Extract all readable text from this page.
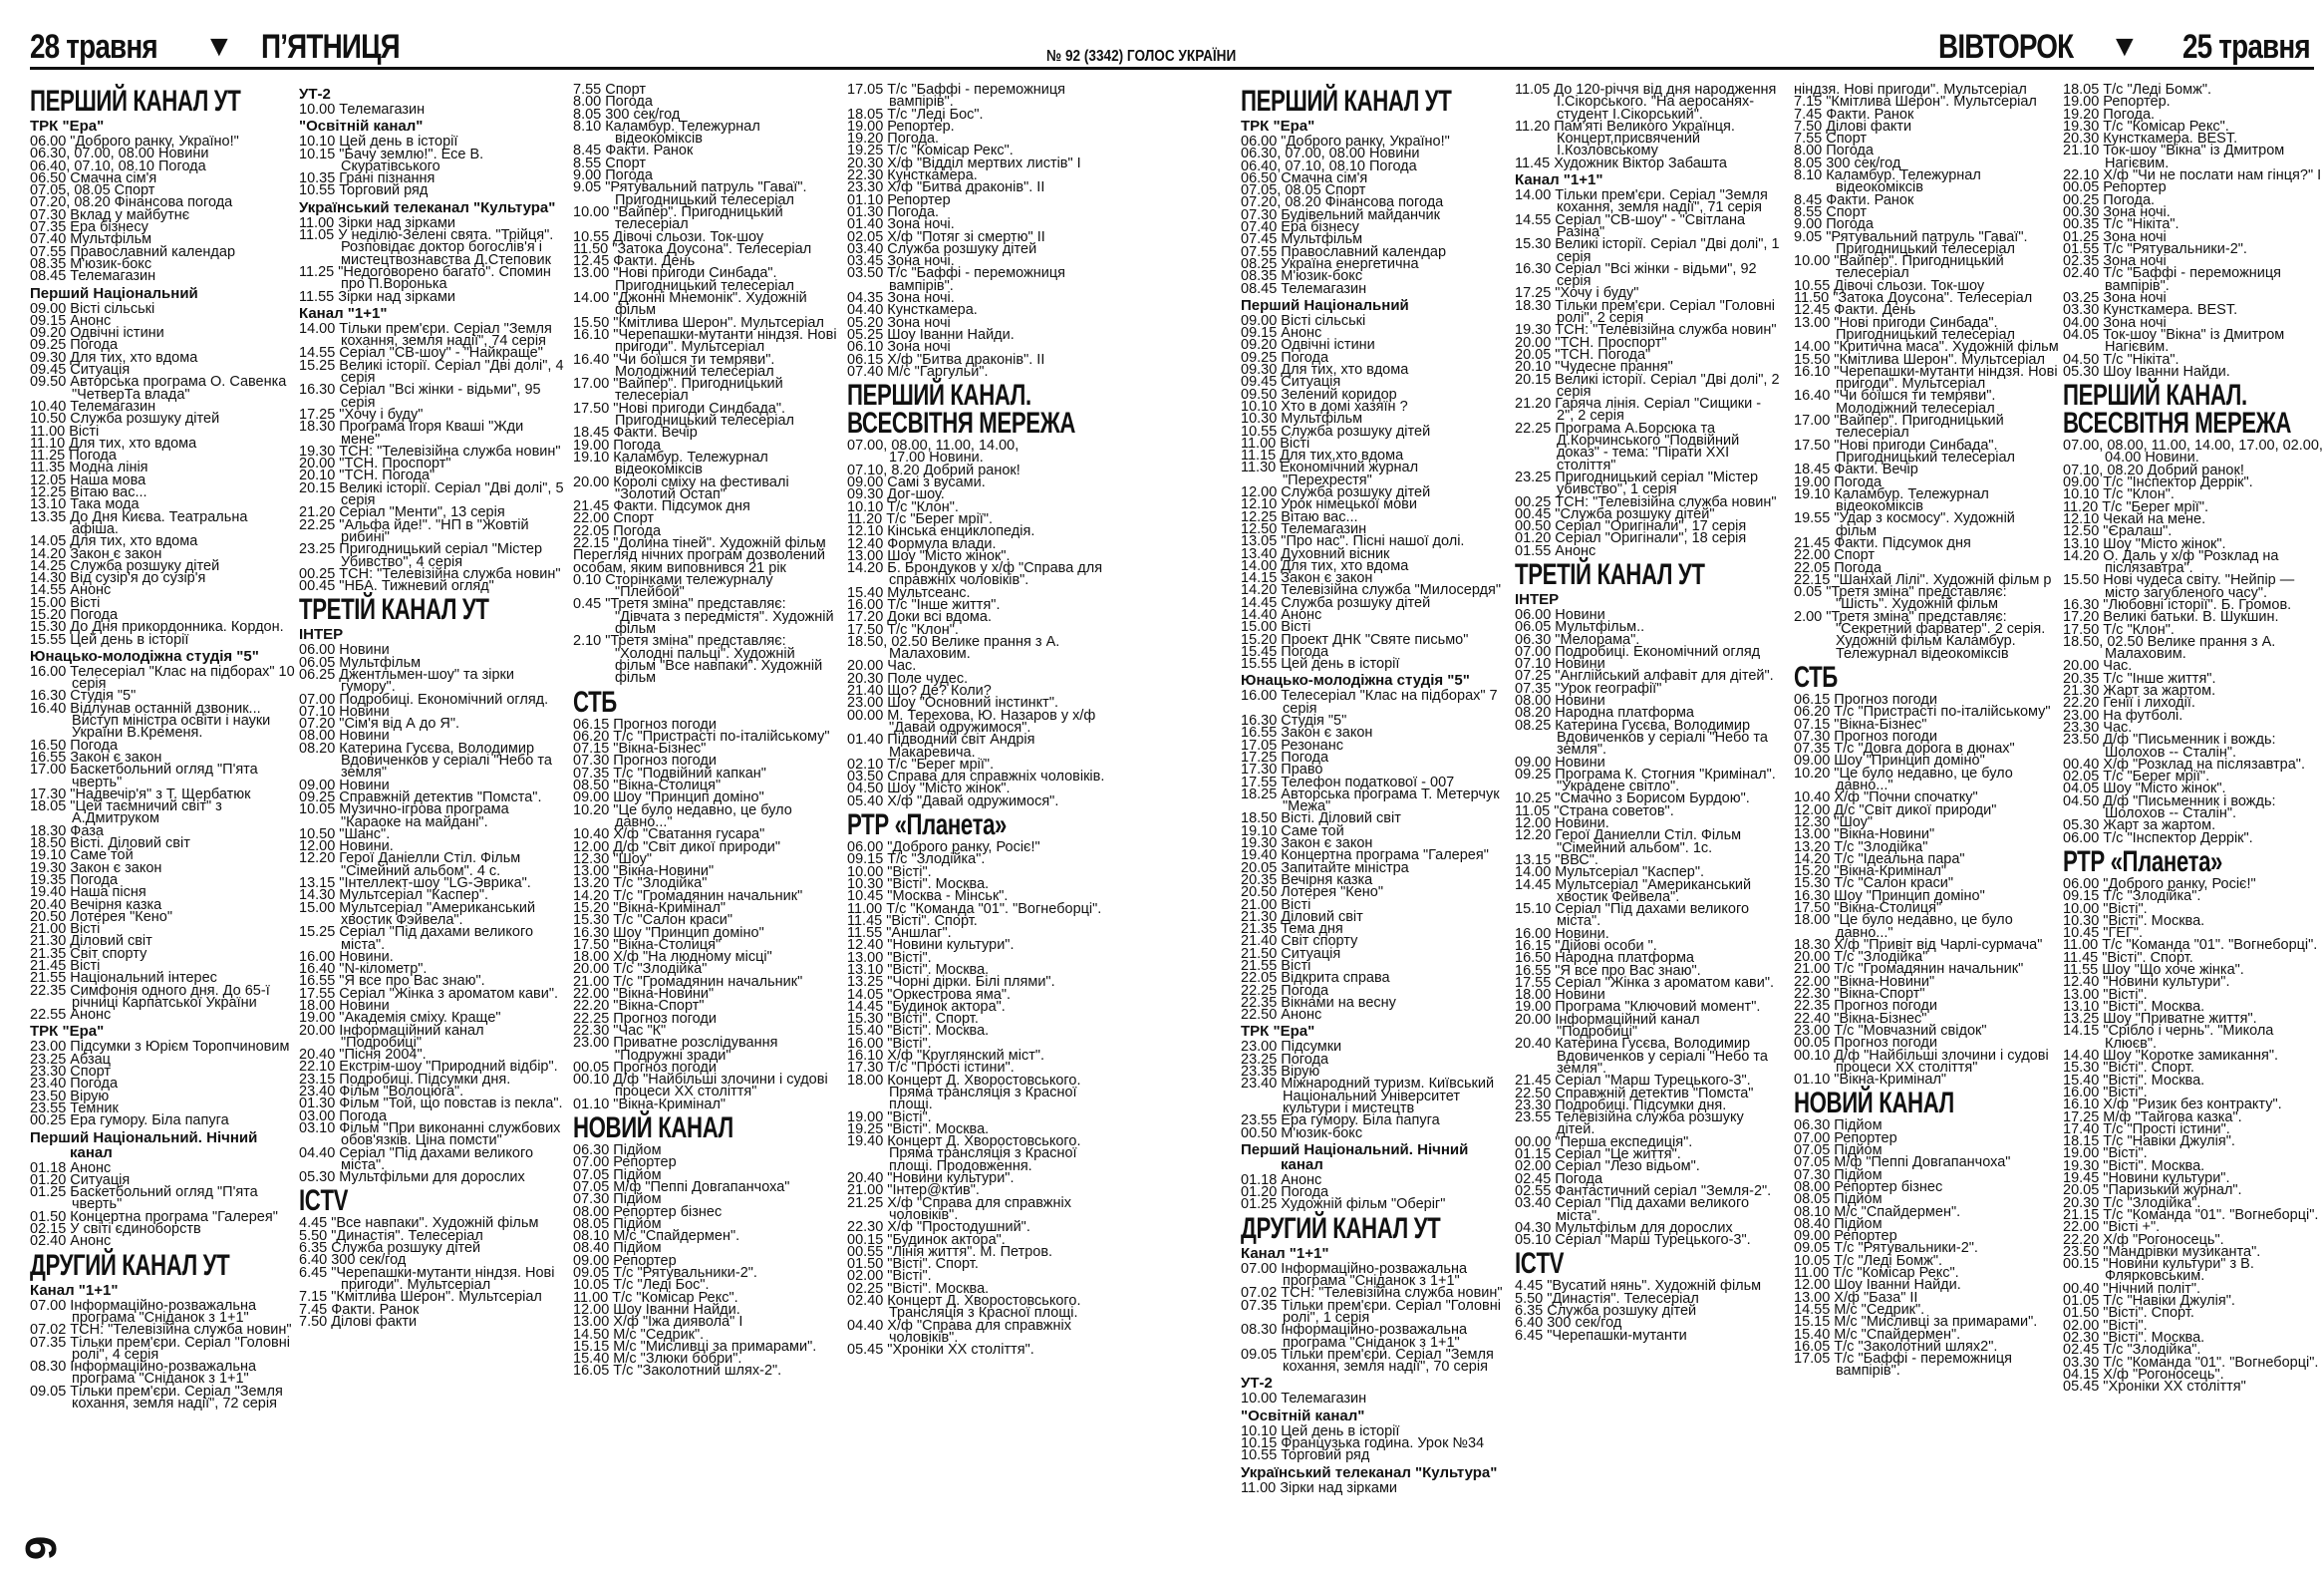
28 травня ▼ П’ЯТНИЦЯ	№ 92 (3342) ГОЛОС УКРАЇНИ	ВІВТОРОК ▼ 25 травня
ПЕРШИЙ КАНАЛ УТ
ТРК "Ера"
06.00 "Доброго ранку, Україно!"
06.30, 07.00, 08.00 Новини
06.40, 07.10, 08.10 Погода
06.50 Смачна сім'я
07.05, 08.05 Спорт
07.20, 08.20 Фінансова погода
07.30 Вклад у майбутнє
07.35 Ера бізнесу
07.40 Мультфільм
07.55 Православний календар
08.35 М'юзик-бокс
08.45 Телемагазин
Перший Національний
09.00 Вісті сільські
09.15 Анонс
09.20 Одвічні істини
09.25 Погода
09.30 Для тих, хто вдома
09.45 Ситуація
09.50 Авторська програма О. Савенка "ЧетверТа влада"
10.40 Телемагазин
10.50 Служба розшуку дітей
11.00 Вісті
11.10 Для тих, хто вдома
11.25 Погода
11.35 Модна лінія
12.05 Наша мова
12.25 Вітаю вас...
13.10 Така мода
13.35 До Дня Києва. Театральна афіша.
14.05 Для тих, хто вдома
14.20 Закон є закон
14.25 Служба розшуку дітей
14.30 Від сузір'я до сузір'я
14.55 Анонс
15.00 Вісті
15.20 Погода
15.30 До Дня прикордонника. Кордон.
15.55 Цей день в історії
Юнацько-молодіжна студія "5"
16.00 Телесеріал "Клас на підборах" 10 серія
16.30 Студія "5"
16.40 Відлунав останній дзвоник... Виступ міністра освіти і науки України В.Кременя.
16.50 Погода
16.55 Закон є закон
17.00 Баскетбольний огляд "П'ята чверть"
17.30 "Надвечір'я" з Т. Щербатюк
18.05 "Цей таємничий світ" з А.Дмитруком
18.30 Фаза
18.50 Вісті. Діловий світ
19.10 Саме той
19.30 Закон є закон
19.35 Погода
19.40 Наша пісня
20.40 Вечірня казка
20.50 Лотерея "Кено"
21.00 Вісті
21.30 Діловий світ
21.35 Світ спорту
21.45 Вісті
21.55 Національний інтерес
22.35 Симфонія одного дня. До 65-ї річниці Карпатської України
22.55 Анонс
ТРК "Ера"
23.00 Підсумки з Юрієм Торопчиновим
23.25 Абзац
23.30 Спорт
23.40 Погода
23.50 Вірую
23.55 Темник
00.25 Ера гумору. Біла папуга
Перший Національний. Нічний канал
01.18 Анонс
01.20 Ситуація
01.25 Баскетбольний огляд "П'ята чверть"
01.50 Концертна програма "Галерея"
02.15 У світі єдиноборств
02.40 Анонс
ДРУГИЙ КАНАЛ УТ
Канал "1+1"
07.00 Інформаційно-розважальна програма "Сніданок з 1+1"
07.02 ТСН: "Телевізійна служба новин"
07.35 Тільки прем'єри. Серіал "Головні ролі", 4 серія
08.30 Інформаційно-розважальна програма "Сніданок з 1+1"
09.05 Тільки прем'єри. Серіал "Земля кохання, земля надії", 72 серія
УТ-2
10.00 Телемагазин
"Освітній канал"
10.10 Цей день в історії
10.15 "Бачу землю!". Есе В. Скуратівського
10.35 Грані пізнання
10.55 Торговий ряд
Український телеканал "Культура"
11.00 Зірки над зірками
11.05 У неділю-Зелені свята. "Трійця". Розповідає доктор богослів'я і мистецтвознавства Д.Степовик
11.25 "Недоговорено багато". Спомин про П.Воронька
11.55 Зірки над зірками
Канал "1+1"
14.00 Тільки прем'єри. Серіал "Земля кохання, земля надії", 74 серія
14.55 Серіал "СВ-шоу" - "Найкраще"
15.25 Великі історії. Серіал "Дві долі", 4 серія
16.30 Серіал "Всі жінки - відьми", 95 серія
17.25 "Хочу і буду"
18.30 Програма Ігоря Кваші "Жди мене"
19.30 ТСН: "Телевізійна служба новин"
20.00 "ТСН. Проспорт"
20.10 "ТСН. Погода"
20.15 Великі історії. Серіал "Дві долі", 5 серія
21.20 Серіал "Менти", 13 серія
22.25 "Альфа йде!". "НП в "Жовтій рибині"
23.25 Пригодницький серіал "Містер Убивство", 4 серія
00.25 ТСН: "Телевізійна служба новин"
00.45 "НБА. Тижневий огляд"
ТРЕТІЙ КАНАЛ УТ
ІНТЕР
06.00 Новини
06.05 Мультфільм
06.25 Джентльмен-шоу" та зірки гумору".
07.00 Подробиці. Економічний огляд.
07.10 Новини
07.20 "Сім'я від А до Я".
08.00 Новини
08.20 Катерина Гусєва, Володимир Вдовиченков у серіалі "Небо та земля"
09.00 Новини
09.25 Справжній детектив "Помста".
10.05 Музично-ігрова програма "Караоке на майдані".
10.50 "Шанс".
12.00 Новини.
12.20 Герої Даніелли Стіл. Фільм "Сімейний альбом". 4 с.
13.15 "Інтеллект-шоу "LG-Эврика".
14.30 Мультсеріал "Каспер".
15.00 Мультсеріал "Американський хвостик Фэйвела".
15.25 Серіал "Під дахами великого міста".
16.00 Новини.
16.40 "N-кілометр".
16.55 "Я все про Вас знаю".
17.55 Серіал "Жінка з ароматом кави".
18.00 Новини
19.00 "Академія сміху. Краще"
20.00 Інформаційний канал "Подробиці"
20.40 "Пісня 2004".
22.10 Екстрім-шоу "Природний відбір".
23.15 Подробиці. Підсумки дня.
23.40 Фільм "Волоцюга".
01.30 Фільм "Той, що повстав із пекла".
03.00 Погода
03.10 Фільм "При виконанні службових обов'язків. Ціна помсти"
04.40 Серіал "Під дахами великого міста".
05.30 Мультфільми для дорослих
ICTV
4.45 "Все навпаки". Художній фільм
5.50 "Династія". Телесеріал
6.35 Служба розшуку дітей
6.40 300 сек/год
6.45 "Черепашки-мутанти ніндзя. Нові пригоди". Мультсеріал
7.15 "Кмітлива Шерон". Мультсеріал
7.45 Факти. Ранок
7.50 Ділові факти
7.55 Спорт
8.00 Погода
8.05 300 сек/год
8.10 Каламбур. Тележурнал відеокоміксів
8.45 Факти. Ранок
8.55 Спорт
9.00 Погода
9.05 "Рятувальний патруль "Гаваї". Пригодницький телесеріал
10.00 "Вайпер". Пригодницький телесеріал
10.55 Дівочі сльози. Ток-шоу
11.50 "Затока Доусона". Телесеріал
12.45 Факти. День
13.00 "Нові пригоди Синбада". Пригодницький телесеріал
14.00 "Джонні Мнемонік". Художній фільм
15.50 "Кмітлива Шерон". Мультсеріал
16.10 "Черепашки-мутанти ніндзя. Нові пригоди". Мультсеріал
16.40 "Чи боїшся ти темряви". Молодіжний телесеріал
17.00 "Вайпер". Пригодницький телесеріал
17.50 "Нові пригоди Синдбада". Пригодницький телесеріал
18.45 Факти. Вечір
19.00 Погода
19.10 Каламбур. Тележурнал відеокоміксів
20.00 Королі сміху на фестивалі "Золотий Остап"
21.45 Факти. Підсумок дня
22.00 Спорт
22.05 Погода
22.15 "Долина тіней". Художній фільм
Перегляд нічних програм дозволений особам, яким виповнився 21 рік
0.10 Сторінками тележурналу "Плейбой"
0.45 "Третя зміна" представляє: "Дівчата з передмістя". Художній фільм
2.10 "Третя зміна" представляє: "Холодні пальці". Художній фільм "Все навпаки". Художній фільм
СТБ
06.15 Прогноз погоди
06.20 Т/с "Пристрасті по-італійському"
07.15 "Вікна-Бізнес"
07.30 Прогноз погоди
07.35 Т/с "Подвійний капкан"
08.50 "Вікна-Столиця"
09.00 Шоу "Принцип доміно"
10.20 "Це було недавно, це було давно..."
10.40 Х/ф "Сватання гусара"
12.00 Д/ф "Світ дикої природи"
12.30 "Шоу"
13.00 "Вікна-Новини"
13.20 Т/с "Злодійка"
14.20 Т/с "Громадянин начальник"
15.20 "Вікна-Кримінал"
15.30 Т/с "Салон краси"
16.30 Шоу "Принцип доміно"
17.50 "Вікна-Столиця"
18.00 Х/ф "На людному місці"
20.00 Т/с "Злодійка"
21.00 Т/с "Громадянин начальник"
22.00 "Вікна-Новини"
22.20 "Вікна-Спорт"
22.25 Прогноз погоди
22.30 "Час "К"
23.00 Приватне розслідування "Подружні зради"
00.05 Прогноз погоди
00.10 Д/ф "Найбільші злочини і судові процеси XX століття"
01.10 "Вікна-Кримінал"
НОВИЙ КАНАЛ
06.30 Підйом
07.00 Репортер
07.05 Підйом
07.05 М/ф "Пеппі Довгапанчоха"
07.30 Підйом
08.00 Репортер бізнес
08.05 Підйом
08.10 М/с "Спайдермен".
08.40 Підйом
09.00 Репортер
09.05 Т/с "Рятувальники-2".
10.05 Т/с "Леді Бос".
11.00 Т/с "Комісар Рекс".
12.00 Шоу Іванни Найди.
13.00 Х/ф "Іжа диявола" І
14.50 М/с "Седрик".
15.15 М/с "Мисливці за примарами".
15.40 М/с "Злюки бобри".
16.05 Т/с "Заколотний шлях-2".
17.05 Т/с "Баффі - переможниця вампірів".
18.05 Т/с "Леді Бос".
19.00 Репортер.
19.20 Погода.
19.25 Т/с "Комісар Рекс".
20.30 Х/ф "Відділ мертвих листів" І
22.30 Кунсткамера.
23.30 Х/ф "Битва драконів". ІІ
01.10 Репортер
01.30 Погода.
01.40 Зона ночі.
02.05 Х/ф "Потяг зі смертю" ІІ
03.40 Служба розшуку дітей
03.45 Зона ночі.
03.50 Т/с "Баффі - переможниця вампірів".
04.35 Зона ночі.
04.40 Кунсткамера.
05.20 Зона ночі
05.25 Шоу Іванни Найди.
06.10 Зона ночі
06.15 Х/ф "Битва драконів". ІІ
07.40 М/с "Гаргульи".
ПЕРШИЙ КАНАЛ. ВСЕСВІТНЯ МЕРЕЖА
07.00, 08.00, 11.00, 14.00, 17.00 Новини.
07.10, 8.20 Добрий ранок!
09.00 Самі з вусами.
09.30 Дог-шоу.
10.10 Т/с "Клон".
11.20 Т/с "Берег мрії".
12.10 Кінська енциклопедія.
12.40 Формула влади.
13.00 Шоу "Місто жінок".
14.20 Б. Брондуков у х/ф "Справа для справжніх чоловіків".
15.40 Мультсеанс.
16.00 Т/с "Інше життя".
17.20 Доки всі вдома.
17.50 Т/с "Клон".
18.50, 02.50 Велике прання з А. Малаховим.
20.00 Час.
20.30 Поле чудес.
21.40 Що? Де? Коли?
23.00 Шоу "Основний інстинкт".
00.00 М. Терехова, Ю. Назаров у х/ф "Давай одружимося".
01.40 Підводний світ Андрія Макаревича.
02.10 Т/с "Берег мрії".
03.50 Справа для справжніх чоловіків.
04.50 Шоу "Місто жінок".
05.40 Х/ф "Давай одружимося".
РТР «Планета»
06.00 "Доброго ранку, Росіє!"
09.15 Т/с "Злодійка".
10.00 "Вісті".
10.30 "Вісті". Москва.
10.45 "Москва - Мінськ".
11.00 Т/с "Команда "01". "Вогнеборці".
11.45 "Вісті". Спорт.
11.55 "Аншлаг".
12.40 "Новини культури".
13.00 "Вісті".
13.10 "Вісті". Москва.
13.25 "Чорні дірки. Білі плями".
14.05 "Оркестрова яма".
14.45 "Будинок актора".
15.30 "Вісті". Спорт.
15.40 "Вісті". Москва.
16.00 "Вісті".
16.10 Х/ф "Круглянский міст".
17.30 Т/с "Прості істини".
18.00 Концерт Д. Хворостовського. Пряма трансляція з Красної площі.
19.00 "Вісті".
19.25 "Вісті". Москва.
19.40 Концерт Д. Хворостовського. Пряма трансляція з Красної площі. Продовження.
20.40 "Новини культури".
21.00 "Інтер@ктив".
21.25 Х/ф "Справа для справжніх чоловіків".
22.30 Х/ф "Простодушний".
00.15 "Будинок актора".
00.55 "Лінія життя". М. Петров.
01.50 "Вісті". Спорт.
02.00 "Вісті".
02.25 "Вісті". Москва.
02.40 Концерт Д. Хворостовського. Трансляція з Красної площі.
04.40 Х/ф "Справа для справжніх чоловіків".
05.45 "Хроніки XX століття".
ПЕРШИЙ КАНАЛ УТ
ТРК "Ера"
06.00 "Доброго ранку, Україно!"
06.30, 07.00, 08.00 Новини
06.40, 07.10, 08.10 Погода
06.50 Смачна сім'я
07.05, 08.05 Спорт
07.20, 08.20 Фінансова погода
07.30 Будівельний майданчик
07.40 Ера бізнесу
07.45 Мультфільм
07.55 Православний календар
08.25 Україна енергетична
08.35 М'юзик-бокс
08.45 Телемагазин
Перший Національний
09.00 Вісті сільські
09.15 Анонс
09.20 Одвічні істини
09.25 Погода
09.30 Для тих, хто вдома
09.45 Ситуація
09.50 Зелений коридор
10.10 Хто в домі хазяїн ?
10.30 Мультфільм
10.55 Служба розшуку дітей
11.00 Вісті
11.15 Для тих,хто вдома
11.30 Економічний журнал "Перехрестя"
12.00 Служба розшуку дітей
12.10 Урок німецької мови
12.25 Вітаю вас...
12.50 Телемагазин
13.05 "Про нас". Пісні нашої долі.
13.40 Духовний вісник
14.00 Для тих, хто вдома
14.15 Закон є закон
14.20 Телевізійна служба "Милосердя"
14.45 Служба розшуку дітей
14.40 Анонс
15.00 Вісті
15.20 Проект ДНК "Святе письмо"
15.45 Погода
15.55 Цей день в історії
Юнацько-молодіжна студія "5"
16.00 Телесеріал "Клас на підборах" 7 серія
16.30 Студія "5"
16.55 Закон є закон
17.05 Резонанс
17.25 Погода
17.30 Право
17.55 Телефон податкової - 007
18.25 Авторська програма Т. Метерчук "Межа"
18.50 Вісті. Діловий світ
19.10 Саме той
19.30 Закон є закон
19.40 Концертна програма "Галерея"
20.05 Запитайте міністра
20.35 Вечірня казка
20.50 Лотерея "Кено"
21.00 Вісті
21.30 Діловий світ
21.35 Тема дня
21.40 Світ спорту
21.50 Ситуація
21.55 Вісті
22.05 Відкрита справа
22.25 Погода
22.35 Вікнами на весну
22.50 Анонс
ТРК "Ера"
23.00 Підсумки
23.25 Погода
23.35 Вірую
23.40 Міжнародний туризм. Київський Національний Університет культури і мистецтв
23.55 Ера гумору. Біла папуга
00.50 М'юзик-бокс
Перший Національний. Нічний канал
01.18 Анонс
01.20 Погода
01.25 Художній фільм "Оберіг"
ДРУГИЙ КАНАЛ УТ
Канал "1+1"
07.00 Інформаційно-розважальна програма "Сніданок з 1+1"
07.02 ТСН: "Телевізійна служба новин"
07.35 Тільки прем'єри. Серіал "Головні ролі", 1 серія
08.30 Інформаційно-розважальна програма "Сніданок з 1+1"
09.05 Тільки прем'єри. Серіал "Земля кохання, земля надії", 70 серія
УТ-2
10.00 Телемагазин
"Освітній канал"
10.10 Цей день в історії
10.15 Французька година. Урок №34
10.55 Торговий ряд
Український телеканал "Культура"
11.00 Зірки над зірками
11.05 До 120-річчя від дня народження І.Сікорського. "На аеросанях-студент І.Сікорський".
11.20 Пам'яті Великого Українця. Концерт,присвячений І.Козловському
11.45 Художник Віктор Забашта
Канал "1+1"
14.00 Тільки прем'єри. Серіал "Земля кохання, земля надії", 71 серія
14.55 Серіал "СВ-шоу" - "Світлана Разіна"
15.30 Великі історії. Серіал "Дві долі", 1 серія
16.30 Серіал "Всі жінки - відьми", 92 серія
17.25 "Хочу і буду"
18.30 Тільки прем'єри. Серіал "Головні ролі", 2 серія
19.30 ТСН: "Телевізійна служба новин"
20.00 "ТСН. Проспорт"
20.05 "ТСН. Погода"
20.10 "Чудесне прання"
20.15 Великі історії. Серіал "Дві долі", 2 серія
21.20 Гаряча лінія. Серіал "Сищики - 2", 2 серія
22.25 Програма А.Борсюка та Д.Корчинського "Подвійний доказ" - тема: "Пірати XXI століття"
23.25 Пригодницький серіал "Містер убивство", 1 серія
00.25 ТСН: "Телевізійна служба новин"
00.45 "Служба розшуку дітей"
00.50 Серіал "Оригінали", 17 серія
01.20 Серіал "Оригінали", 18 серія
01.55 Анонс
ТРЕТІЙ КАНАЛ УТ
ІНТЕР
06.00 Новини
06.05 Мультфільм..
06.30 "Мелорама".
07.00 Подробиці. Економічний огляд
07.10 Новини
07.25 "Англійський алфавіт для дітей".
07.35 "Урок географії"
08.00 Новини
08.20 Народна платформа
08.25 Катерина Гусєва, Володимир Вдовиченков у серіалі "Небо та земля".
09.00 Новини
09.25 Програма К. Стогния "Кримінал". "Украдене світло".
10.25 "Смачно з Борисом Бурдою".
11.05 "Страна советов".
12.00 Новини.
12.20 Герої Даниелли Стіл. Фільм "Сімейний альбом". 1с.
13.15 "ВВС".
14.00 Мультсеріал "Каспер".
14.45 Мультсеріал "Американський хвостик Фейвела".
15.10 Серіал "Під дахами великого міста".
16.00 Новини.
16.15 "Дійові особи ".
16.50 Народна платформа
16.55 "Я все про Вас знаю".
17.55 Серіал "Жінка з ароматом кави".
18.00 Новини
19.00 Програма "Ключовий момент".
20.00 Інформаційний канал "Подробиці"
20.40 Катерина Гусєва, Володимир Вдовиченков у серіалі "Небо та земля".
21.45 Серіал "Марш Турецького-3".
22.50 Справжній детектив "Помста"
23.30 Подробиці. Підсумки дня.
23.55 Телевізійна служба розшуку дітей.
00.00 "Перша експедиція".
01.15 Серіал "Це життя".
02.00 Серіал "Лезо відьом".
02.45 Погода
02.55 Фантастичний серіал "Земля-2".
03.40 Серіал "Під дахами великого міста".
04.30 Мультфільм для дорослих
05.10 Серіал "Марш Турецького-3".
ICTV
4.45 "Вусатий нянь". Художній фільм
5.50 "Династія". Телесеріал
6.35 Служба розшуку дітей
6.40 300 сек/год
6.45 "Черепашки-мутанти
ніндзя. Нові пригоди". Мультсеріал
7.15 "Кмітлива Шерон". Мультсеріал
7.45 Факти. Ранок
7.50 Ділові факти
7.55 Спорт
8.00 Погода
8.05 300 сек/год
8.10 Каламбур. Тележурнал відеокоміксів
8.45 Факти. Ранок
8.55 Спорт
9.00 Погода
9.05 "Рятувальний патруль "Гаваї". Пригодницький телесеріал
10.00 "Вайпер". Пригодницький телесеріал
10.55 Дівочі сльози. Ток-шоу
11.50 "Затока Доусона". Телесеріал
12.45 Факти. День
13.00 "Нові пригоди Синбада". Пригодницький телесеріал
14.00 "Критична маса". Художній фільм
15.50 "Кмітлива Шерон". Мультсеріал
16.10 "Черепашки-мутанти ніндзя. Нові пригоди". Мультсеріал
16.40 "Чи боїшся ти темряви". Молодіжний телесеріал
17.00 "Вайпер". Пригодницький телесеріал
17.50 "Нові пригоди Синбада". Пригодницький телесеріал
18.45 Факти. Вечір
19.00 Погода
19.10 Каламбур. Тележурнал відеокоміксів
19.55 "Удар з космосу". Художній фільм
21.45 Факти. Підсумок дня
22.00 Спорт
22.05 Погода
22.15 "Шанхай Лілі". Художній фільм р
0.05 "Третя зміна" представляє: "Шість". Художній фільм
2.00 "Третя зміна" представляє: "Секретний фарватер". 2 серія. Художній фільм Каламбур. Тележурнал відеокоміксів
СТБ
06.15 Прогноз погоди
06.20 Т/с "Пристрасті по-італійському"
07.15 "Вікна-Бізнес"
07.30 Прогноз погоди
07.35 Т/с "Довга дорога в дюнах"
09.00 Шоу "Принцип доміно"
10.20 "Це було недавно, це було давно..."
10.40 Х/ф "Почни спочатку"
12.00 Д/с "Світ дикої природи"
12.30 "Шоу"
13.00 "Вікна-Новини"
13.20 Т/с "Злодійка"
14.20 Т/с "Ідеальна пара"
15.20 "Вікна-Кримінал"
15.30 Т/с "Салон краси"
16.30 Шоу "Принцип доміно"
17.50 "Вікна-Столиця"
18.00 "Це було недавно, це було давно..."
18.30 Х/ф "Привіт від Чарлі-сурмача"
20.00 Т/с "Злодійка"
21.00 Т/с "Громадянин начальник"
22.00 "Вікна-Новини"
22.30 "Вікна-Спорт"
22.35 Прогноз погоди
22.40 "Вікна-Бізнес"
23.00 Т/с "Мовчазний свідок"
00.05 Прогноз погоди
00.10 Д/ф "Найбільші злочини і судові процеси XX століття"
01.10 "Вікна-Кримінал"
НОВИЙ КАНАЛ
06.30 Підйом
07.00 Репортер
07.05 Підйом
07.05 М/ф "Пеппі Довгапанчоха"
07.30 Підйом
08.00 Репортер бізнес
08.05 Підйом
08.10 М/с "Спайдермен".
08.40 Підйом
09.00 Репортер
09.05 Т/с "Рятувальники-2".
10.05 Т/с "Леді Бомж".
11.00 Т/с "Комісар Рекс".
12.00 Шоу Іванни Найди.
13.00 Х/ф "База" ІІ
14.55 М/с "Седрик".
15.15 М/с "Мисливці за примарами".
15.40 М/с "Спайдермен".
16.05 Т/с "Заколотний шлях2".
17.05 Т/с "Баффі - переможниця вампірів".
18.05 Т/с "Леді Бомж".
19.00 Репортер.
19.20 Погода.
19.30 Т/с "Комісар Рекс".
20.30 Кунсткамера. BEST.
21.10 Ток-шоу "Вікна" із Дмитром Нагієвим.
22.10 Х/ф "Чи не послати нам гінця?" І
00.05 Репортер
00.25 Погода.
00.30 Зона ночі.
00.35 Т/с "Нікіта".
01.25 Зона ночі
01.55 Т/с "Рятувальники-2".
02.35 Зона ночі
02.40 Т/с "Баффі - переможниця вампірів".
03.25 Зона ночі
03.30 Кунсткамера. BEST.
04.00 Зона ночі
04.05 Ток-шоу "Вікна" із Дмитром Нагієвим.
04.50 Т/с "Нікіта".
05.30 Шоу Іванни Найди.
ПЕРШИЙ КАНАЛ. ВСЕСВІТНЯ МЕРЕЖА
07.00, 08.00, 11.00, 14.00, 17.00, 02.00, 04.00 Новини.
07.10, 08.20 Добрий ранок!
09.00 Т/с "Інспектор Деррік".
10.10 Т/с "Клон".
11.20 Т/с "Берег мрії".
12.10 Чекай на мене.
12.50 "Єралаш".
13.10 Шоу "Місто жінок".
14.20 О. Даль у х/ф "Розклад на післязавтра".
15.50 Нові чудеса світу. "Нейпір — місто загубленого часу".
16.30 "Любовні історії". Б. Громов.
17.20 Великі батьки. В. Шукшин.
17.50 Т/с "Клон".
18.50, 02.50 Велике прання з А. Малаховим.
20.00 Час.
20.35 Т/с "Інше життя".
21.30 Жарт за жартом.
22.20 Генії і лиходії.
23.00 На футболі.
23.30 Час.
23.50 Д/ф "Письменник і вождь: Шолохов -- Сталін".
00.40 Х/ф "Розклад на післязавтра".
02.05 Т/с "Берег мрії".
04.05 Шоу "Місто жінок".
04.50 Д/ф "Письменник і вождь: Шолохов -- Сталін".
05.30 Жарт за жартом.
06.00 Т/с "Інспектор Деррік".
РТР «Планета»
06.00 "Доброго ранку, Росіє!"
09.15 Т/с "Злодійка".
10.00 "Вісті".
10.30 "Вісті". Москва.
10.45 "ГЕГ".
11.00 Т/с "Команда "01". "Вогнеборці".
11.45 "Вісті". Спорт.
11.55 Шоу "Що хоче жінка".
12.40 "Новини культури".
13.00 "Вісті".
13.10 "Вісті". Москва.
13.25 Шоу "Приватне життя".
14.15 "Срібло і чернь". "Микола Клюєв".
14.40 Шоу "Коротке замикання".
15.30 "Вісті". Спорт.
15.40 "Вісті". Москва.
16.00 "Вісті".
16.10 Х/ф "Ризик без контракту".
17.25 М/ф "Тайгова казка".
17.40 Т/с "Прості істини".
18.15 Т/с "Навіки Джулія".
19.00 "Вісті".
19.30 "Вісті". Москва.
19.45 "Новини культури".
20.05 "Паризький журнал".
20.30 Т/с "Злодійка".
21.15 Т/с "Команда "01". "Вогнеборці".
22.00 "Вісті +".
22.20 Х/ф "Рогоносець".
23.50 "Мандрівки музиканта".
00.15 "Новини культури" з В. Флярковським.
00.40 "Нічний політ".
01.05 Т/с "Навіки Джулія".
01.50 "Вісті". Спорт.
02.00 "Вісті".
02.30 "Вісті". Москва.
02.45 Т/с "Злодійка".
03.30 Т/с "Команда "01". "Вогнеборці".
04.15 Х/ф "Рогоносець".
05.45 "Хроніки XX століття"
6
